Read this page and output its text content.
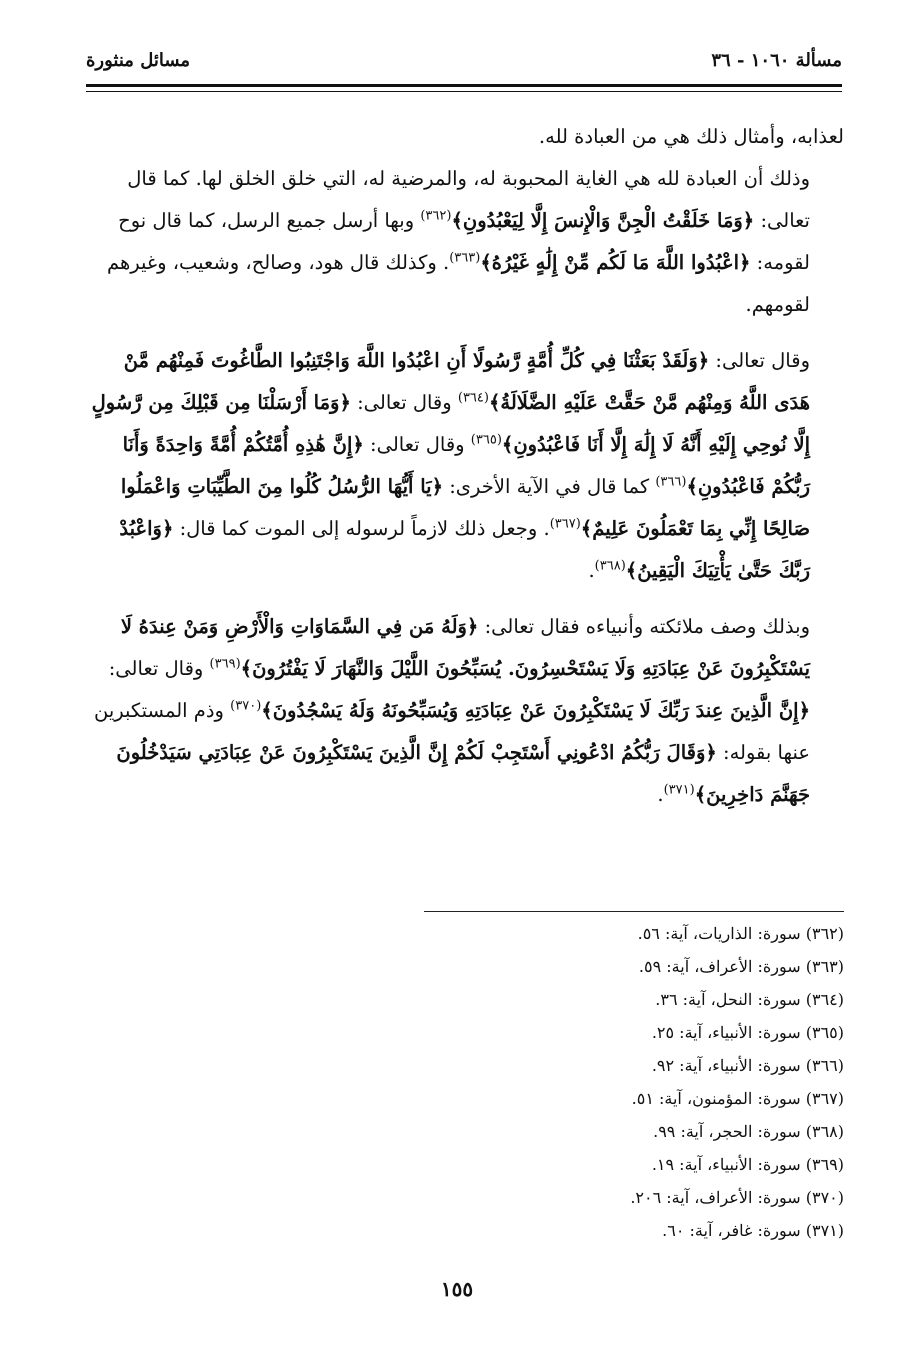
مسألة ١٠٦٠ - ٣٦
مسائل منثورة

لعذابه، وأمثال ذلك هي من العبادة لله.

وذلك أن العبادة لله هي الغاية المحبوبة له، والمرضية له، التي خلق الخلق لها. كما قال تعالى: ﴿وَمَا خَلَقْتُ الْجِنَّ وَالْإِنسَ إِلَّا لِيَعْبُدُونِ﴾$^{(٣٦٢)}$ وبها أرسل جميع الرسل، كما قال نوح لقومه: ﴿اعْبُدُوا اللَّهَ مَا لَكُم مِّنْ إِلَٰهٍ غَيْرُهُ﴾$^{(٣٦٣)}$. وكذلك قال هود، وصالح، وشعيب، وغيرهم لقومهم.

وقال تعالى: ﴿وَلَقَدْ بَعَثْنَا فِي كُلِّ أُمَّةٍ رَّسُولًا أَنِ اعْبُدُوا اللَّهَ وَاجْتَنِبُوا الطَّاغُوتَ فَمِنْهُم مَّنْ هَدَى اللَّهُ وَمِنْهُم مَّنْ حَقَّتْ عَلَيْهِ الضَّلَالَةُ﴾$^{(٣٦٤)}$ وقال تعالى: ﴿وَمَا أَرْسَلْنَا مِن قَبْلِكَ مِن رَّسُولٍ إِلَّا نُوحِي إِلَيْهِ أَنَّهُ لَا إِلَٰهَ إِلَّا أَنَا فَاعْبُدُونِ﴾$^{(٣٦٥)}$ وقال تعالى: ﴿إِنَّ هَٰذِهِ أُمَّتُكُمْ أُمَّةً وَاحِدَةً وَأَنَا رَبُّكُمْ فَاعْبُدُونِ﴾$^{(٣٦٦)}$ كما قال في الآية الأخرى: ﴿يَا أَيُّهَا الرُّسُلُ كُلُوا مِنَ الطَّيِّبَاتِ وَاعْمَلُوا صَالِحًا إِنِّي بِمَا تَعْمَلُونَ عَلِيمٌ﴾$^{(٣٦٧)}$. وجعل ذلك لازماً لرسوله إلى الموت كما قال: ﴿وَاعْبُدْ رَبَّكَ حَتَّىٰ يَأْتِيَكَ الْيَقِينُ﴾$^{(٣٦٨)}$.

وبذلك وصف ملائكته وأنبياءه فقال تعالى: ﴿وَلَهُ مَن فِي السَّمَاوَاتِ وَالْأَرْضِ وَمَنْ عِندَهُ لَا يَسْتَكْبِرُونَ عَنْ عِبَادَتِهِ وَلَا يَسْتَحْسِرُونَ. يُسَبِّحُونَ اللَّيْلَ وَالنَّهَارَ لَا يَفْتُرُونَ﴾$^{(٣٦٩)}$ وقال تعالى: ﴿إِنَّ الَّذِينَ عِندَ رَبِّكَ لَا يَسْتَكْبِرُونَ عَنْ عِبَادَتِهِ وَيُسَبِّحُونَهُ وَلَهُ يَسْجُدُونَ﴾$^{(٣٧٠)}$ وذم المستكبرين عنها بقوله: ﴿وَقَالَ رَبُّكُمُ ادْعُونِي أَسْتَجِبْ لَكُمْ إِنَّ الَّذِينَ يَسْتَكْبِرُونَ عَنْ عِبَادَتِي سَيَدْخُلُونَ جَهَنَّمَ دَاخِرِينَ﴾$^{(٣٧١)}$.

(٣٦٢) سورة: الذاريات، آية: ٥٦.

(٣٦٣) سورة: الأعراف، آية: ٥٩.

(٣٦٤) سورة: النحل، آية: ٣٦.

(٣٦٥) سورة: الأنبياء، آية: ٢٥.

(٣٦٦) سورة: الأنبياء، آية: ٩٢.

(٣٦٧) سورة: المؤمنون، آية: ٥١.

(٣٦٨) سورة: الحجر، آية: ٩٩.

(٣٦٩) سورة: الأنبياء، آية: ١٩.

(٣٧٠) سورة: الأعراف، آية: ٢٠٦.

(٣٧١) سورة: غافر، آية: ٦٠.

١٥٥
